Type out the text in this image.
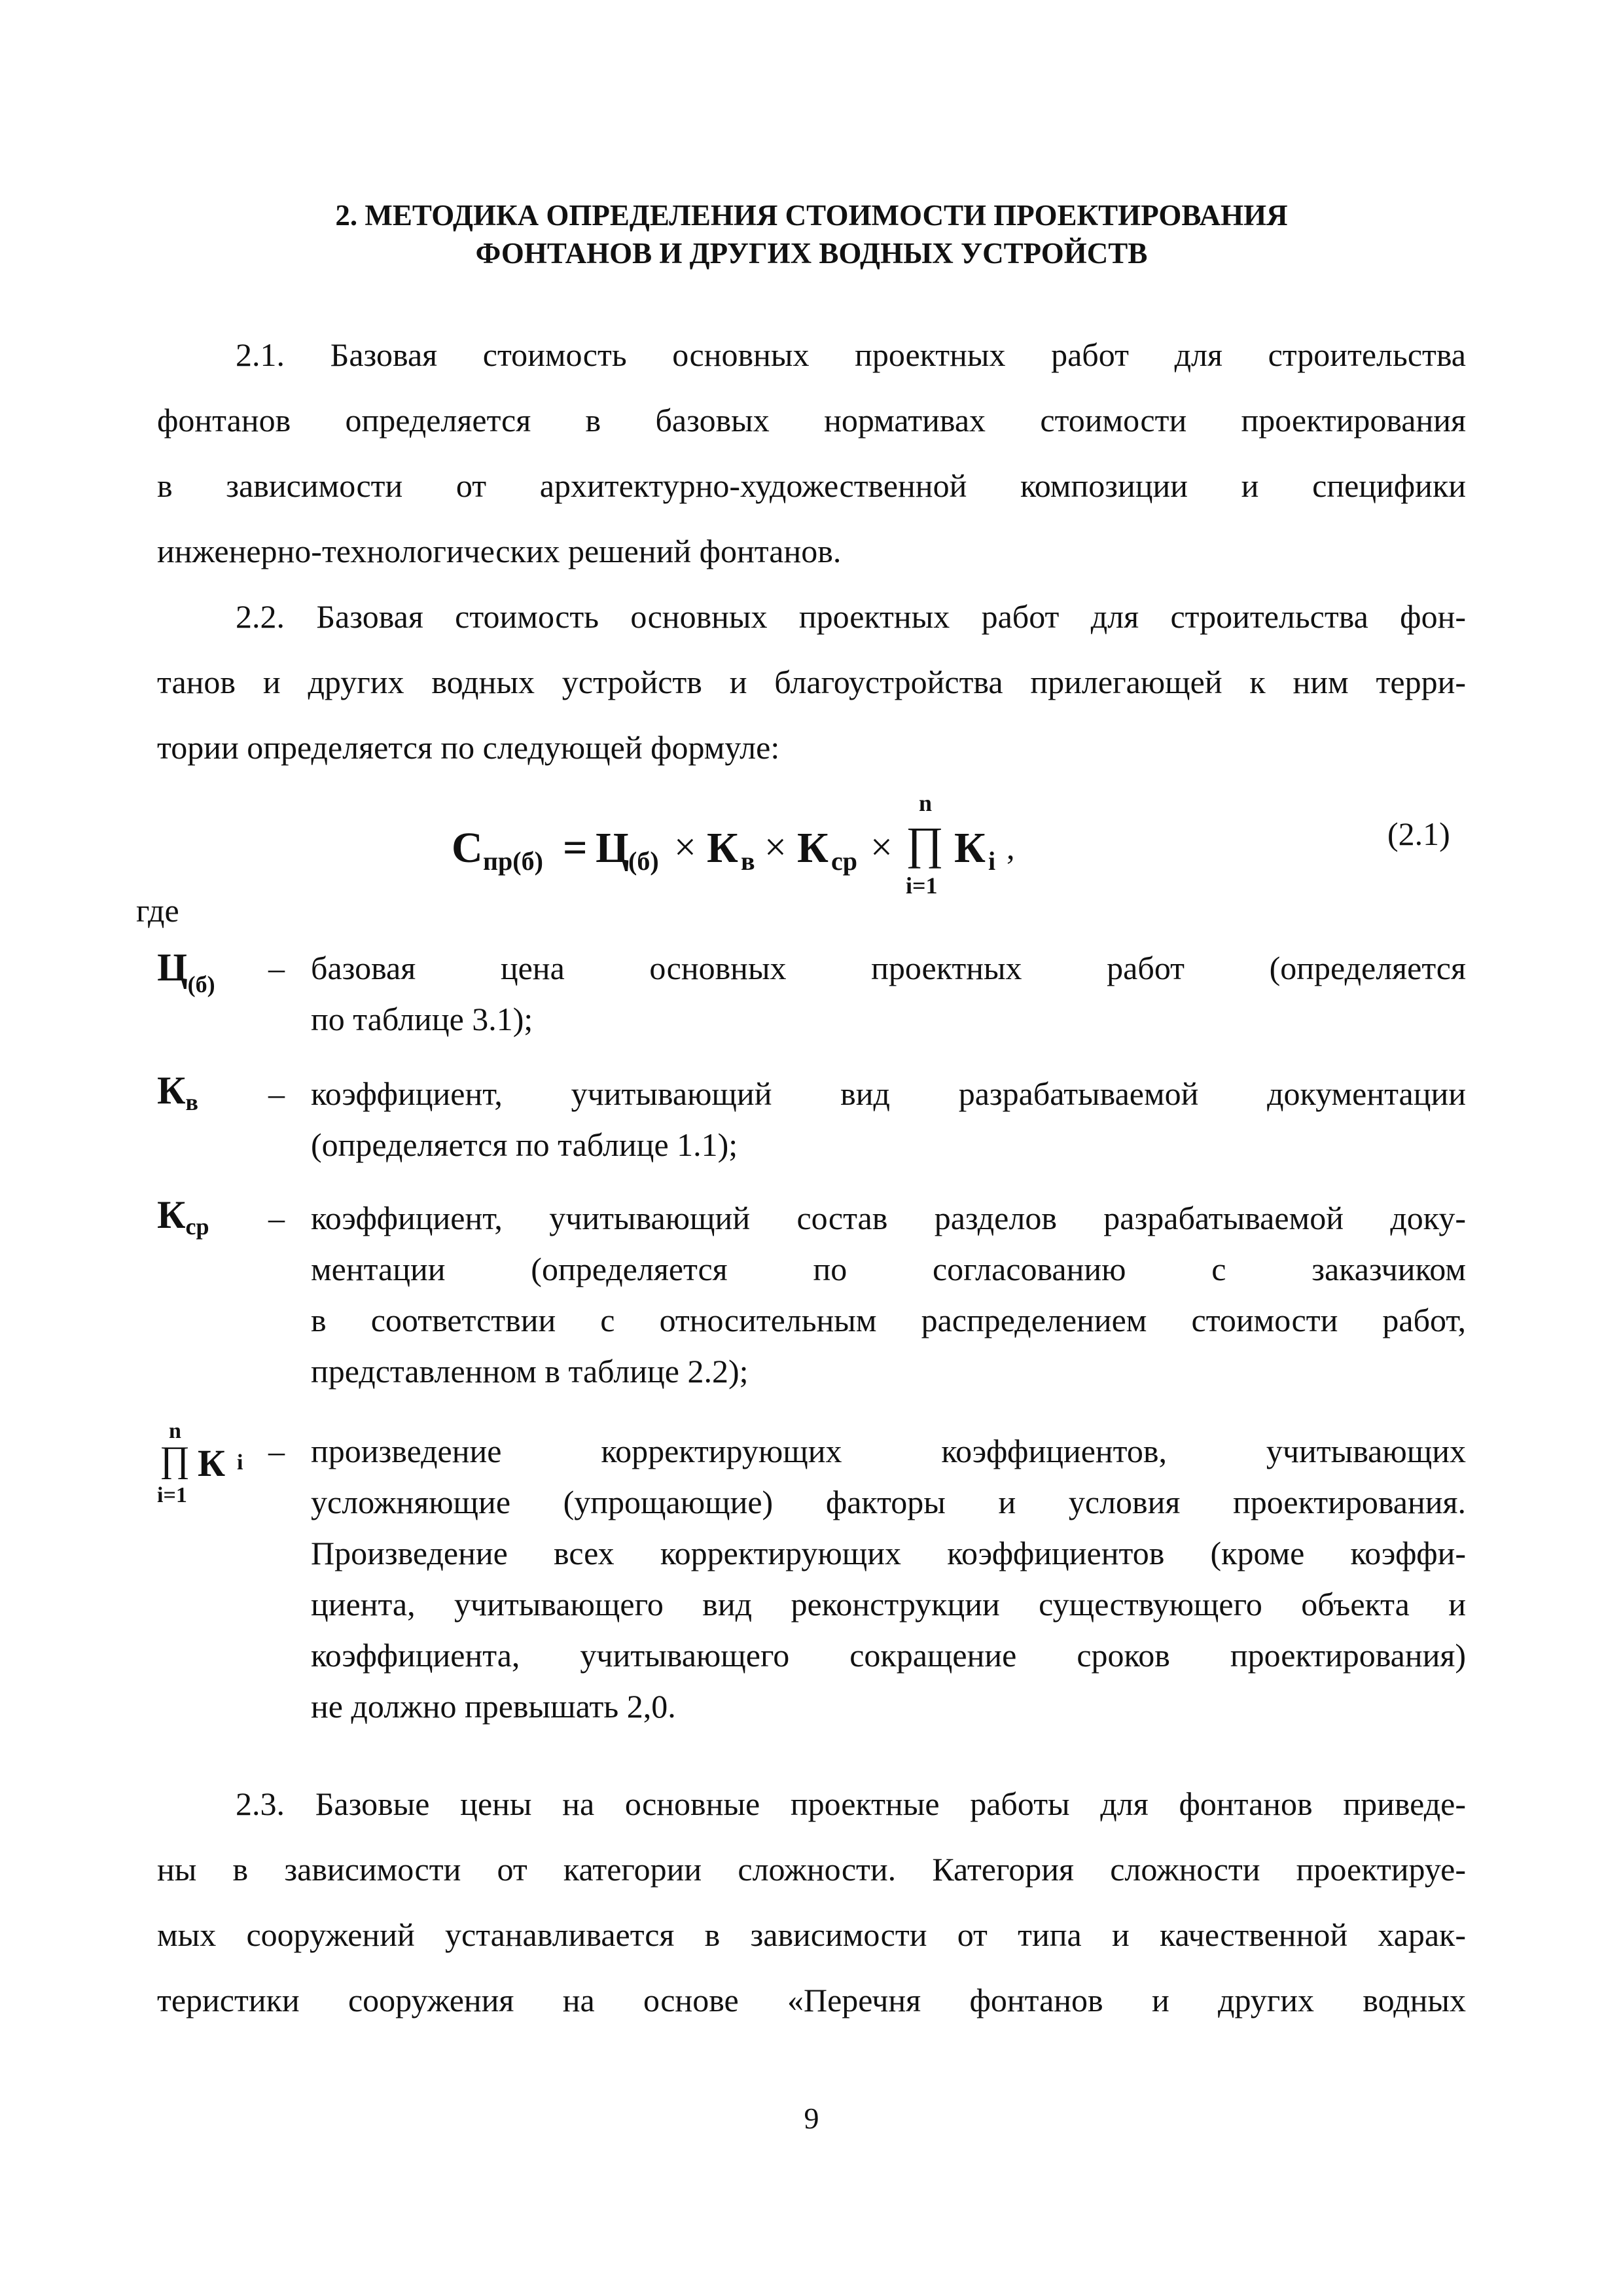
2. МЕТОДИКА ОПРЕДЕЛЕНИЯ СТОИМОСТИ ПРОЕКТИРОВАНИЯ
ФОНТАНОВ И ДРУГИХ ВОДНЫХ УСТРОЙСТВ
2.1. Базовая стоимость основных проектных работ для строительства
фонтанов определяется в базовых нормативах стоимости проектирования
в зависимости от архитектурно-художественной композиции и специфики
инженерно-технологических решений фонтанов.
2.2. Базовая стоимость основных проектных работ для строительства фон-
танов и других водных устройств и благоустройства прилегающей к ним терри-
тории определяется по следующей формуле:
С пр(б) = Ц
(б) × К в × К ср ×
n
∏
i=1
К i ,	(2.1)
где
$Ц_{(б)}$ – базовая цена основных проектных работ (определяется
по таблице 3.1);
Кв – коэффициент, учитывающий вид разрабатываемой документации
(определяется по таблице 1.1);
Кср – коэффициент, учитывающий состав разделов разрабатываемой доку-
ментации (определяется по согласованию с заказчиком
в соответствии с относительным распределением стоимости работ,
представленном в таблице 2.2);
n
∏
i=1
К i – произведение корректирующих коэффициентов, учитывающих
усложняющие (упрощающие) факторы и условия проектирования.
Произведение всех корректирующих коэффициентов (кроме коэффи-
циента, учитывающего вид реконструкции существующего объекта и
коэффициента, учитывающего сокращение сроков проектирования)
не должно превышать 2,0.
2.3. Базовые цены на основные проектные работы для фонтанов приведе-
ны в зависимости от категории сложности. Категория сложности проектируе-
мых сооружений устанавливается в зависимости от типа и качественной харак-
теристики сооружения на основе «Перечня фонтанов и других водных
9
